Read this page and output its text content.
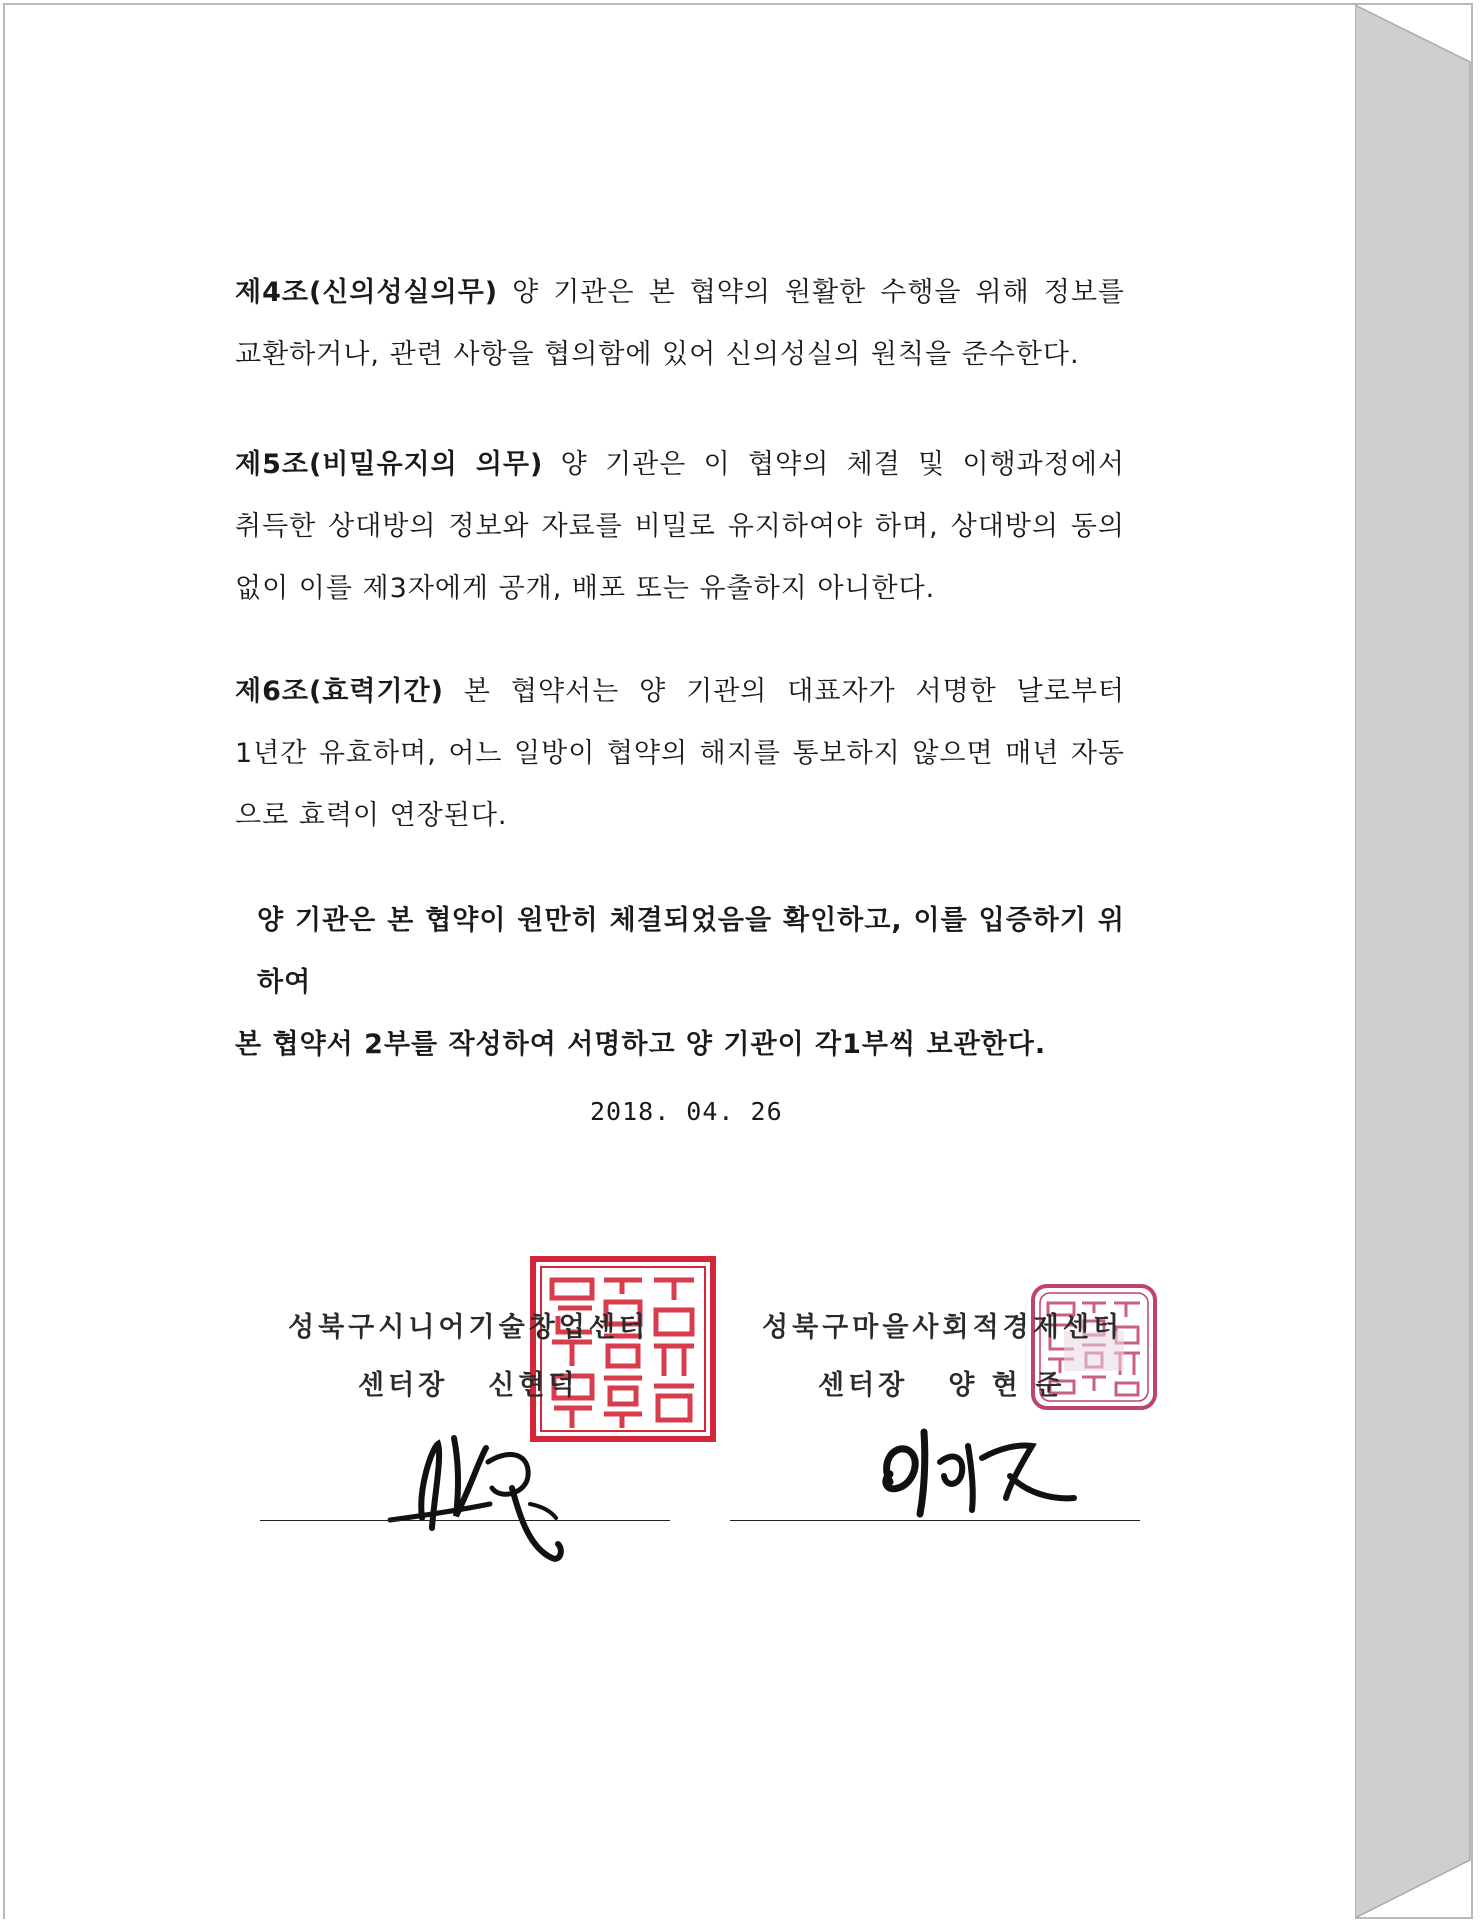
제4조(신의성실의무) 양 기관은 본 협약의 원활한 수행을 위해 정보를
교환하거나, 관련 사항을 협의함에 있어 신의성실의 원칙을 준수한다.
제5조(비밀유지의 의무) 양 기관은 이 협약의 체결 및 이행과정에서
취득한 상대방의 정보와 자료를 비밀로 유지하여야 하며, 상대방의 동의
없이 이를 제3자에게 공개, 배포 또는 유출하지 아니한다.
제6조(효력기간) 본 협약서는 양 기관의 대표자가 서명한 날로부터
1년간 유효하며, 어느 일방이 협약의 해지를 통보하지 않으면 매년 자동
으로 효력이 연장된다.
양 기관은 본 협약이 원만히 체결되었음을 확인하고, 이를 입증하기 위하여
본 협약서 2부를 작성하여 서명하고 양 기관이 각1부씩 보관한다.
2018. 04. 26
성북구시니어기술창업센터
센터장 신현덕
성북구마을사회적경제센터
센터장 양 현 준
